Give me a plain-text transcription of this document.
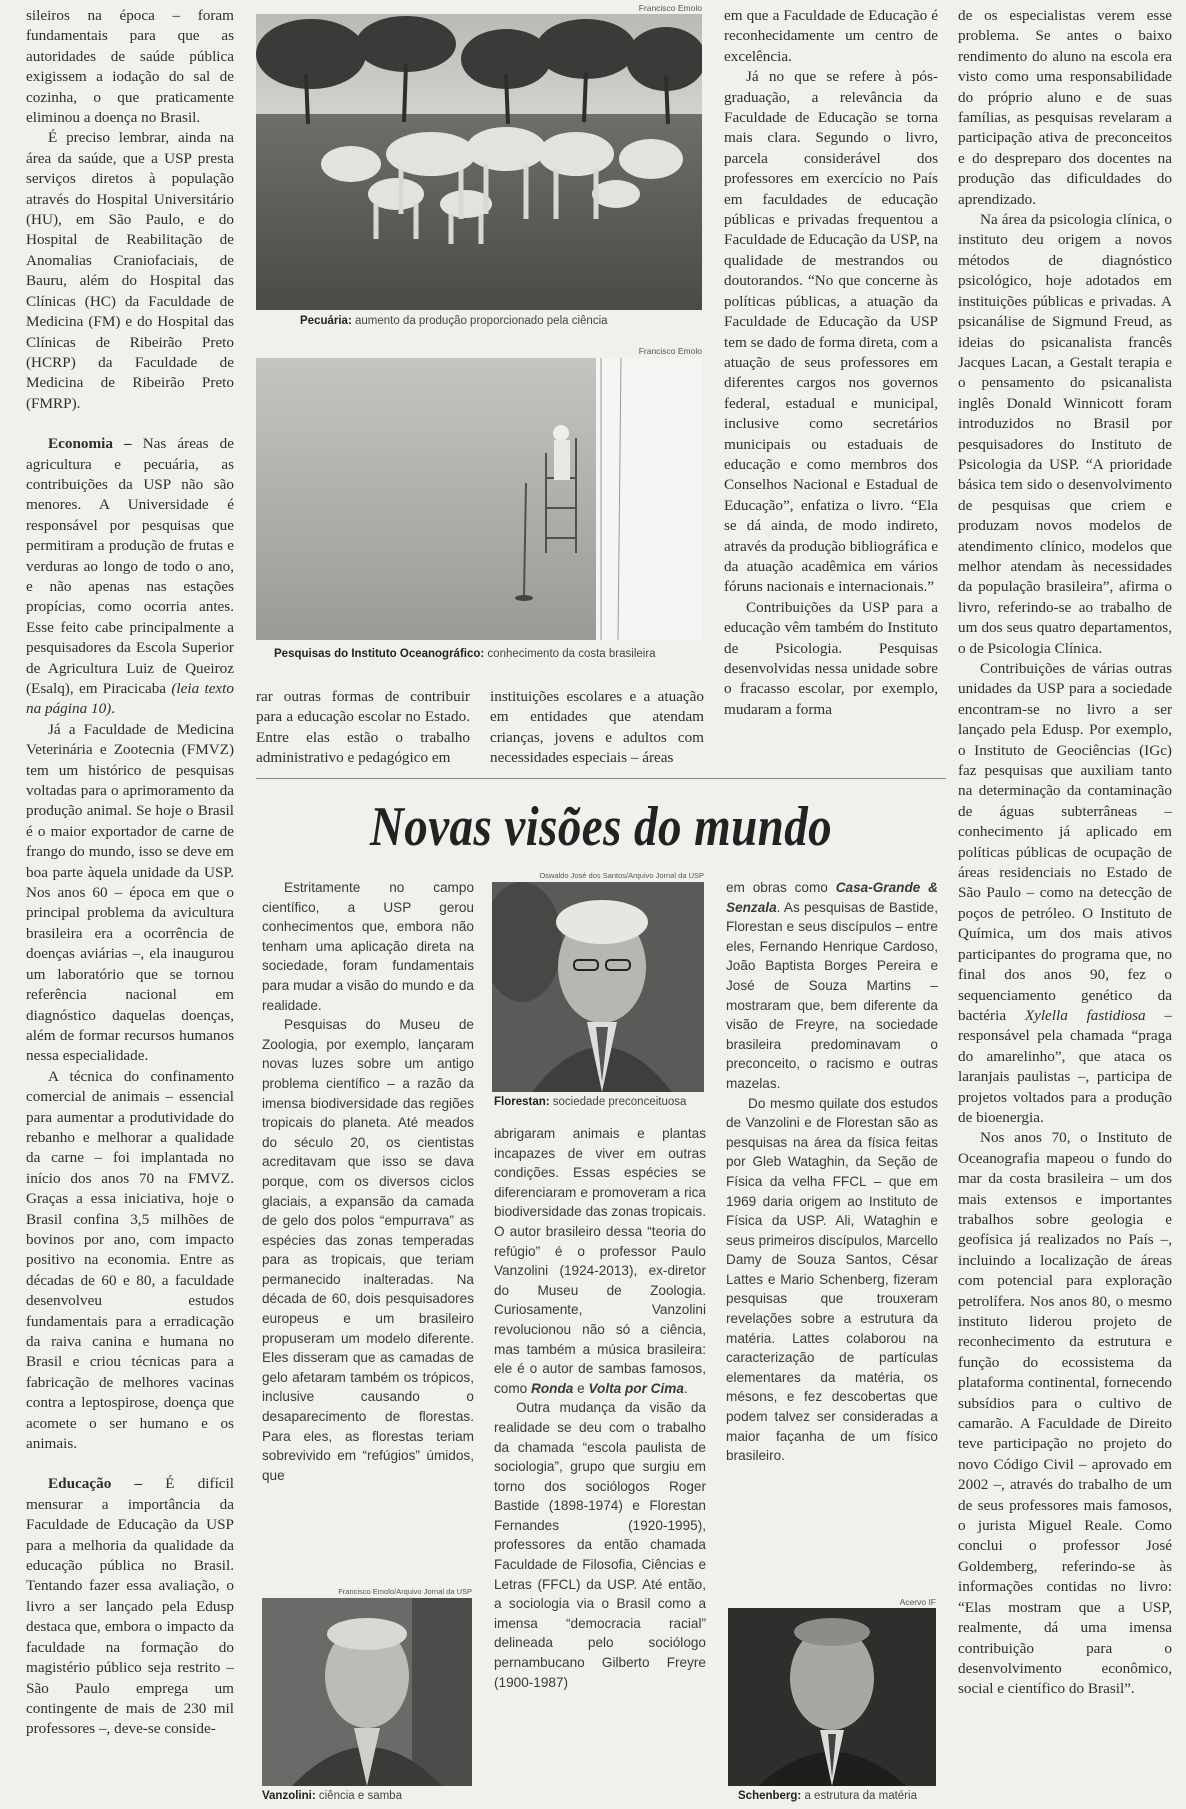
sileiros na época – foram fundamentais para que as autoridades de saúde pública exigissem a iodação do sal de cozinha, o que praticamente eliminou a doença no Brasil.

É preciso lembrar, ainda na área da saúde, que a USP presta serviços diretos à população através do Hospital Universitário (HU), em São Paulo, e do Hospital de Reabilitação de Anomalias Craniofaciais, de Bauru, além do Hospital das Clínicas (HC) da Faculdade de Medicina (FM) e do Hospital das Clínicas de Ribeirão Preto (HCRP) da Faculdade de Medicina de Ribeirão Preto (FMRP).

Economia – Nas áreas de agricultura e pecuária, as contribuições da USP não são menores. A Universidade é responsável por pesquisas que permitiram a produção de frutas e verduras ao longo de todo o ano, e não apenas nas estações propícias, como ocorria antes. Esse feito cabe principalmente a pesquisadores da Escola Superior de Agricultura Luiz de Queiroz (Esalq), em Piracicaba (leia texto na página 10).

Já a Faculdade de Medicina Veterinária e Zootecnia (FMVZ) tem um histórico de pesquisas voltadas para o aprimoramento da produção animal. Se hoje o Brasil é o maior exportador de carne de frango do mundo, isso se deve em boa parte àquela unidade da USP. Nos anos 60 – época em que o principal problema da avicultura brasileira era a ocorrência de doenças aviárias –, ela inaugurou um laboratório que se tornou referência nacional em diagnóstico daquelas doenças, além de formar recursos humanos nessa especialidade.

A técnica do confinamento comercial de animais – essencial para aumentar a produtividade do rebanho e melhorar a qualidade da carne – foi implantada no início dos anos 70 na FMVZ. Graças a essa iniciativa, hoje o Brasil confina 3,5 milhões de bovinos por ano, com impacto positivo na economia. Entre as décadas de 60 e 80, a faculdade desenvolveu estudos fundamentais para a erradicação da raiva canina e humana no Brasil e criou técnicas para a fabricação de melhores vacinas contra a leptospirose, doença que acomete o ser humano e os animais.

Educação – É difícil mensurar a importância da Faculdade de Educação da USP para a melhoria da qualidade da educação pública no Brasil. Tentando fazer essa avaliação, o livro a ser lançado pela Edusp destaca que, embora o impacto da faculdade na formação do magistério público seja restrito – São Paulo emprega um contingente de mais de 230 mil professores –, deve-se conside-

Francisco Emolo
Pecuária: aumento da produção proporcionado pela ciência
Francisco Emolo
Pesquisas do Instituto Oceanográfico: conhecimento da costa brasileira

rar outras formas de contribuir para a educação escolar no Estado. Entre elas estão o trabalho administrativo e pedagógico em

instituições escolares e a atuação em entidades que atendam crianças, jovens e adultos com necessidades especiais – áreas

em que a Faculdade de Educação é reconhecidamente um centro de excelência.

Já no que se refere à pós-graduação, a relevância da Faculdade de Educação se torna mais clara. Segundo o livro, parcela considerável dos professores em exercício no País em faculdades de educação públicas e privadas frequentou a Faculdade de Educação da USP, na qualidade de mestrandos ou doutorandos. “No que concerne às políticas públicas, a atuação da Faculdade de Educação da USP tem se dado de forma direta, com a atuação de seus professores em diferentes cargos nos governos federal, estadual e municipal, inclusive como secretários municipais ou estaduais de educação e como membros dos Conselhos Nacional e Estadual de Educação”, enfatiza o livro. “Ela se dá ainda, de modo indireto, através da produção bibliográfica e da atuação acadêmica em vários fóruns nacionais e internacionais.”

Contribuições da USP para a educação vêm também do Instituto de Psicologia. Pesquisas desenvolvidas nessa unidade sobre o fracasso escolar, por exemplo, mudaram a forma

de os especialistas verem esse problema. Se antes o baixo rendimento do aluno na escola era visto como uma responsabilidade do próprio aluno e de suas famílias, as pesquisas revelaram a participação ativa de preconceitos e do despreparo dos docentes na produção das dificuldades do aprendizado.

Na área da psicologia clínica, o instituto deu origem a novos métodos de diagnóstico psicológico, hoje adotados em instituições públicas e privadas. A psicanálise de Sigmund Freud, as ideias do psicanalista francês Jacques Lacan, a Gestalt terapia e o pensamento do psicanalista inglês Donald Winnicott foram introduzidos no Brasil por pesquisadores do Instituto de Psicologia da USP. “A prioridade básica tem sido o desenvolvimento de pesquisas que criem e produzam novos modelos de atendimento clínico, modelos que melhor atendam às necessidades da população brasileira”, afirma o livro, referindo-se ao trabalho de um dos seus quatro departamentos, o de Psicologia Clínica.

Contribuições de várias outras unidades da USP para a sociedade encontram-se no livro a ser lançado pela Edusp. Por exemplo, o Instituto de Geociências (IGc) faz pesquisas que auxiliam tanto na determinação da contaminação de águas subterrâneas – conhecimento já aplicado em políticas públicas de ocupação de áreas residenciais no Estado de São Paulo – como na detecção de poços de petróleo. O Instituto de Química, um dos mais ativos participantes do programa que, no final dos anos 90, fez o sequenciamento genético da bactéria Xylella fastidiosa – responsável pela chamada “praga do amarelinho”, que ataca os laranjais paulistas –, participa de projetos voltados para a produção de bioenergia.

Nos anos 70, o Instituto de Oceanografia mapeou o fundo do mar da costa brasileira – um dos mais extensos e importantes trabalhos sobre geologia e geofísica já realizados no País –, incluindo a localização de áreas com potencial para exploração petrolífera. Nos anos 80, o mesmo instituto liderou projeto de reconhecimento da estrutura e função do ecossistema da plataforma continental, fornecendo subsídios para o cultivo de camarão. A Faculdade de Direito teve participação no projeto do novo Código Civil – aprovado em 2002 –, através do trabalho de um de seus professores mais famosos, o jurista Miguel Reale. Como conclui o professor José Goldemberg, referindo-se às informações contidas no livro: “Elas mostram que a USP, realmente, dá uma imensa contribuição para o desenvolvimento econômico, social e científico do Brasil”.

Novas visões do mundo

Estritamente no campo científico, a USP gerou conhecimentos que, embora não tenham uma aplicação direta na sociedade, foram fundamentais para mudar a visão do mundo e da realidade.

Pesquisas do Museu de Zoologia, por exemplo, lançaram novas luzes sobre um antigo problema científico – a razão da imensa biodiversidade das regiões tropicais do planeta. Até meados do século 20, os cientistas acreditavam que isso se dava porque, com os diversos ciclos glaciais, a expansão da camada de gelo dos polos “empurrava” as espécies das zonas temperadas para as tropicais, que teriam permanecido inalteradas. Na década de 60, dois pesquisadores europeus e um brasileiro propuseram um modelo diferente. Eles disseram que as camadas de gelo afetaram também os trópicos, inclusive causando o desaparecimento de florestas. Para eles, as florestas teriam sobrevivido em “refúgios” úmidos, que

Oswaldo José dos Santos/Arquivo Jornal da USP
Florestan: sociedade preconceituosa

abrigaram animais e plantas incapazes de viver em outras condições. Essas espécies se diferenciaram e promoveram a rica biodiversidade das zonas tropicais. O autor brasileiro dessa “teoria do refúgio” é o professor Paulo Vanzolini (1924-2013), ex-diretor do Museu de Zoologia. Curiosamente, Vanzolini revolucionou não só a ciência, mas também a música brasileira: ele é o autor de sambas famosos, como Ronda e Volta por Cima.

Outra mudança da visão da realidade se deu com o trabalho da chamada “escola paulista de sociologia”, grupo que surgiu em torno dos sociólogos Roger Bastide (1898-1974) e Florestan Fernandes (1920-1995), professores da então chamada Faculdade de Filosofia, Ciências e Letras (FFCL) da USP. Até então, a sociologia via o Brasil como a imensa “democracia racial” delineada pelo sociólogo pernambucano Gilberto Freyre (1900-1987)

em obras como Casa-Grande & Senzala. As pesquisas de Bastide, Florestan e seus discípulos – entre eles, Fernando Henrique Cardoso, João Baptista Borges Pereira e José de Souza Martins – mostraram que, bem diferente da visão de Freyre, na sociedade brasileira predominavam o preconceito, o racismo e outras mazelas.

Do mesmo quilate dos estudos de Vanzolini e de Florestan são as pesquisas na área da física feitas por Gleb Wataghin, da Seção de Física da velha FFCL – que em 1969 daria origem ao Instituto de Física da USP. Ali, Wataghin e seus primeiros discípulos, Marcello Damy de Souza Santos, César Lattes e Mario Schenberg, fizeram pesquisas que trouxeram revelações sobre a estrutura da matéria. Lattes colaborou na caracterização de partículas elementares da matéria, os mésons, e fez descobertas que podem talvez ser consideradas a maior façanha de um físico brasileiro.

Francisco Emolo/Arquivo Jornal da USP
Vanzolini: ciência e samba
Acervo IF
Schenberg: a estrutura da matéria
